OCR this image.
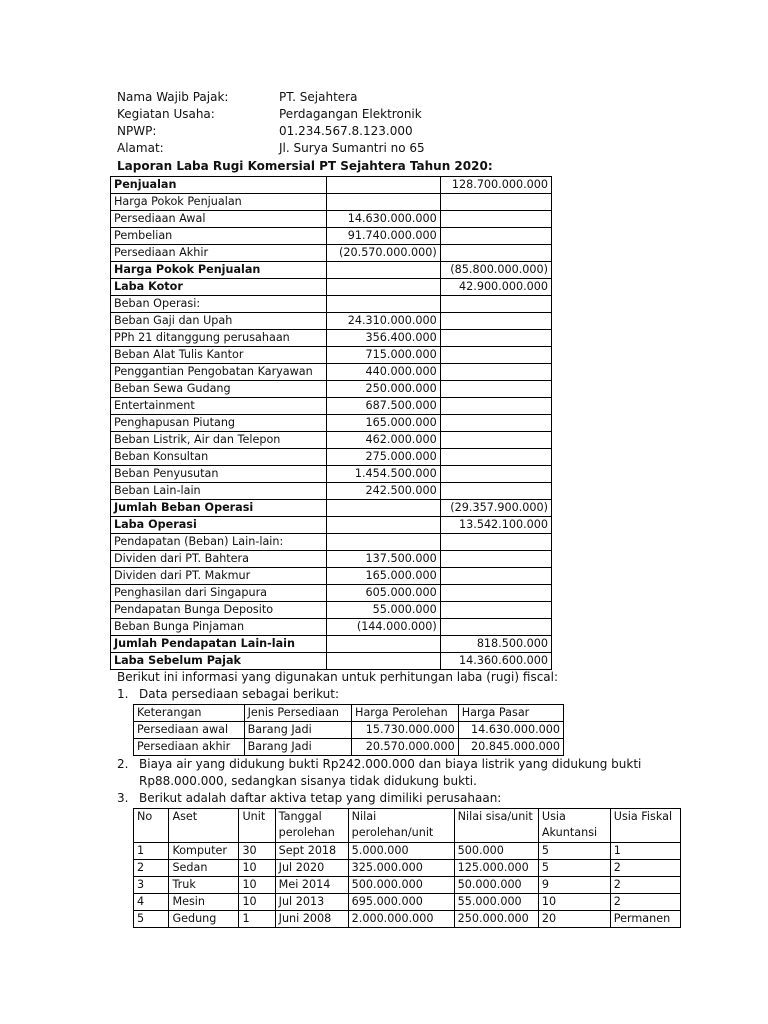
Nama Wajib Pajak:	PT. Sejahtera
Kegiatan Usaha:	Perdagangan Elektronik
NPWP:	01.234.567.8.123.000
Alamat:	Jl. Surya Sumantri no 65
Laporan Laba Rugi Komersial PT Sejahtera Tahun 2020:
Penjualan		128.700.000.000
Harga Pokok Penjualan		
Persediaan Awal	14.630.000.000	
Pembelian	91.740.000.000	
Persediaan Akhir	(20.570.000.000)	
Harga Pokok Penjualan		(85.800.000.000)
Laba Kotor		42.900.000.000
Beban Operasi:		
Beban Gaji dan Upah	24.310.000.000	
PPh 21 ditanggung perusahaan	356.400.000	
Beban Alat Tulis Kantor	715.000.000	
Penggantian Pengobatan Karyawan	440.000.000	
Beban Sewa Gudang	250.000.000	
Entertainment	687.500.000	
Penghapusan Piutang	165.000.000	
Beban Listrik, Air dan Telepon	462.000.000	
Beban Konsultan	275.000.000	
Beban Penyusutan	1.454.500.000	
Beban Lain-lain	242.500.000	
Jumlah Beban Operasi		(29.357.900.000)
Laba Operasi		13.542.100.000
Pendapatan (Beban) Lain-lain:		
Dividen dari PT. Bahtera	137.500.000	
Dividen dari PT. Makmur	165.000.000	
Penghasilan dari Singapura	605.000.000	
Pendapatan Bunga Deposito	55.000.000	
Beban Bunga Pinjaman	(144.000.000)	
Jumlah Pendapatan Lain-lain		818.500.000
Laba Sebelum Pajak		14.360.600.000
Berikut ini informasi yang digunakan untuk perhitungan laba (rugi) fiscal:
1. Data persediaan sebagai berikut:
Keterangan	Jenis Persediaan	Harga Perolehan	Harga Pasar
Persediaan awal	Barang Jadi	15.730.000.000	14.630.000.000
Persediaan akhir	Barang Jadi	20.570.000.000	20.845.000.000
2. Biaya air yang didukung bukti Rp242.000.000 dan biaya listrik yang didukung bukti
Rp88.000.000, sedangkan sisanya tidak didukung bukti.
3. Berikut adalah daftar aktiva tetap yang dimiliki perusahaan:
No	Aset	Unit	Tanggal perolehan	Nilai perolehan/unit	Nilai sisa/unit	Usia Akuntansi	Usia Fiskal
1	Komputer	30	Sept 2018	5.000.000	500.000	5	1
2	Sedan	10	Jul 2020	325.000.000	125.000.000	5	2
3	Truk	10	Mei 2014	500.000.000	50.000.000	9	2
4	Mesin	10	Jul 2013	695.000.000	55.000.000	10	2
5	Gedung	1	Juni 2008	2.000.000.000	250.000.000	20	Permanen
